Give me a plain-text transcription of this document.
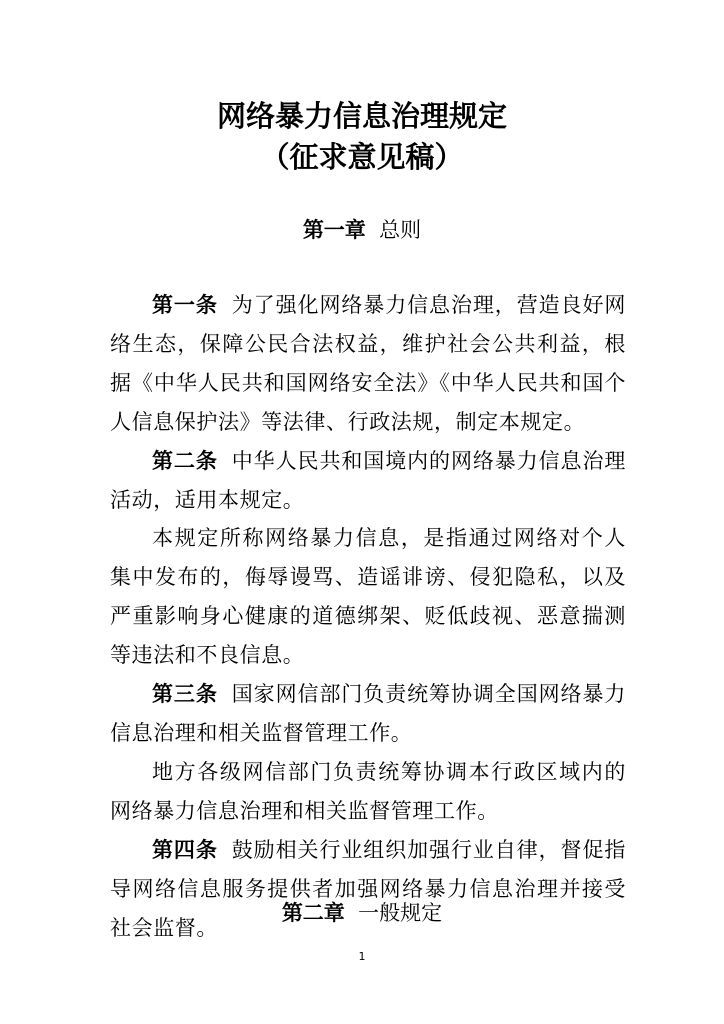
网络暴力信息治理规定
（征求意见稿）
第一章 总则

第一条 为了强化网络暴力信息治理，营造良好网络生态，保障公民合法权益，维护社会公共利益，根据《中华人民共和国网络安全法》《中华人民共和国个人信息保护法》等法律、行政法规，制定本规定。

第二条 中华人民共和国境内的网络暴力信息治理活动，适用本规定。

本规定所称网络暴力信息，是指通过网络对个人集中发布的，侮辱谩骂、造谣诽谤、侵犯隐私，以及严重影响身心健康的道德绑架、贬低歧视、恶意揣测等违法和不良信息。

第三条 国家网信部门负责统筹协调全国网络暴力信息治理和相关监督管理工作。

地方各级网信部门负责统筹协调本行政区域内的网络暴力信息治理和相关监督管理工作。

第四条 鼓励相关行业组织加强行业自律，督促指导网络信息服务提供者加强网络暴力信息治理并接受社会监督。

第二章 一般规定
1
